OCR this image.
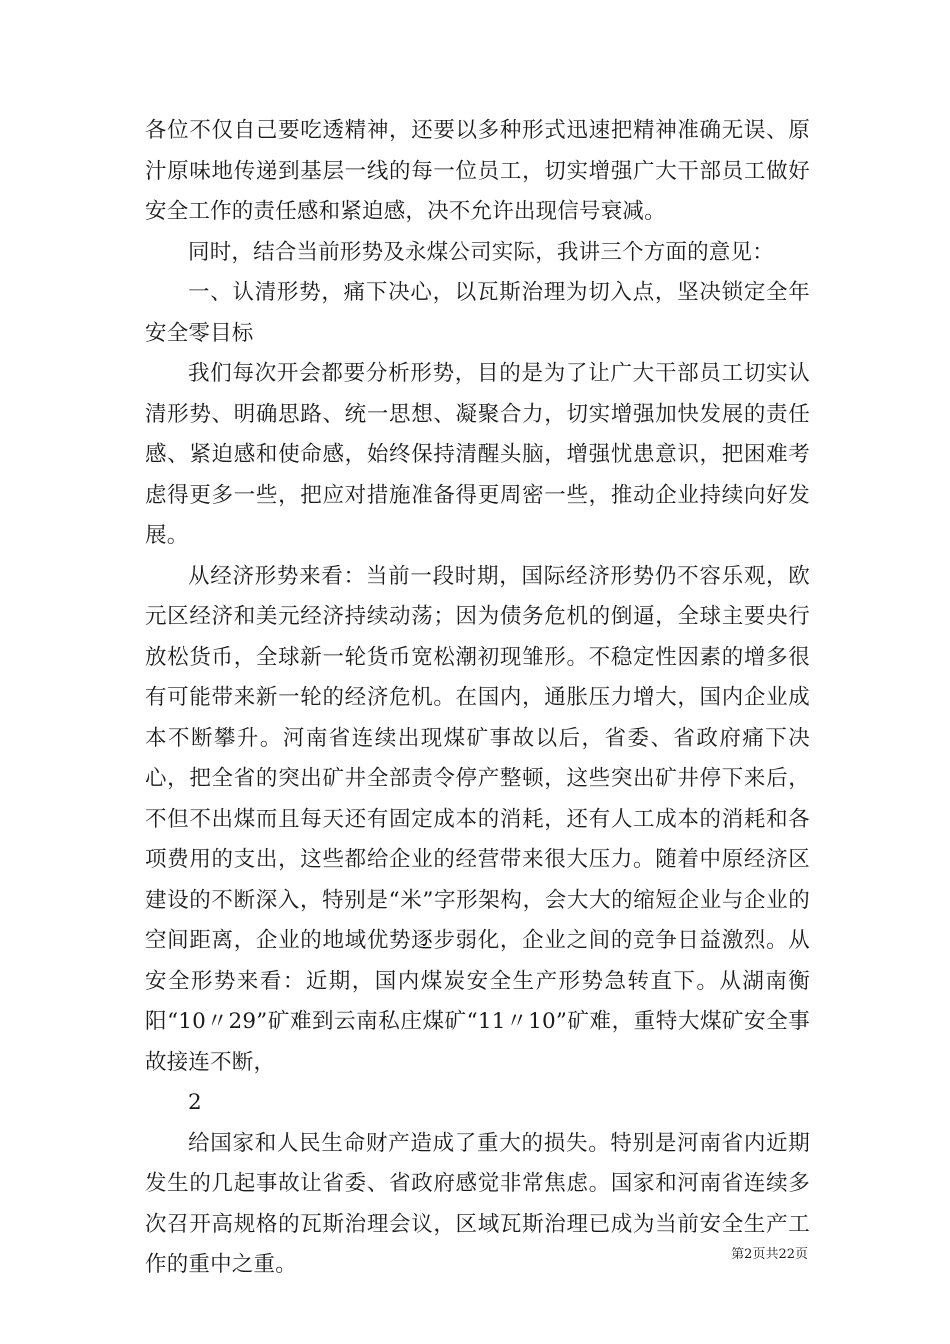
各位不仅自己要吃透精神，还要以多种形式迅速把精神准确无误、原汁原味地传递到基层一线的每一位员工，切实增强广大干部员工做好安全工作的责任感和紧迫感，决不允许出现信号衰减。

同时，结合当前形势及永煤公司实际，我讲三个方面的意见：

一、认清形势，痛下决心，以瓦斯治理为切入点，坚决锁定全年安全零目标

我们每次开会都要分析形势，目的是为了让广大干部员工切实认清形势、明确思路、统一思想、凝聚合力，切实增强加快发展的责任感、紧迫感和使命感，始终保持清醒头脑，增强忧患意识，把困难考虑得更多一些，把应对措施准备得更周密一些，推动企业持续向好发展。

从经济形势来看：当前一段时期，国际经济形势仍不容乐观，欧元区经济和美元经济持续动荡；因为债务危机的倒逼，全球主要央行放松货币，全球新一轮货币宽松潮初现雏形。不稳定性因素的增多很有可能带来新一轮的经济危机。在国内，通胀压力增大，国内企业成本不断攀升。河南省连续出现煤矿事故以后，省委、省政府痛下决心，把全省的突出矿井全部责令停产整顿，这些突出矿井停下来后，不但不出煤而且每天还有固定成本的消耗，还有人工成本的消耗和各项费用的支出，这些都给企业的经营带来很大压力。随着中原经济区建设的不断深入，特别是“米”字形架构，会大大的缩短企业与企业的空间距离，企业的地域优势逐步弱化，企业之间的竞争日益激烈。从安全形势来看：近期，国内煤炭安全生产形势急转直下。从湖南衡阳“10〃29”矿难到云南私庄煤矿“11〃10”矿难，重特大煤矿安全事故接连不断，

2

给国家和人民生命财产造成了重大的损失。特别是河南省内近期发生的几起事故让省委、省政府感觉非常焦虑。国家和河南省连续多次召开高规格的瓦斯治理会议，区域瓦斯治理已成为当前安全生产工作的重中之重。	第2页共22页
